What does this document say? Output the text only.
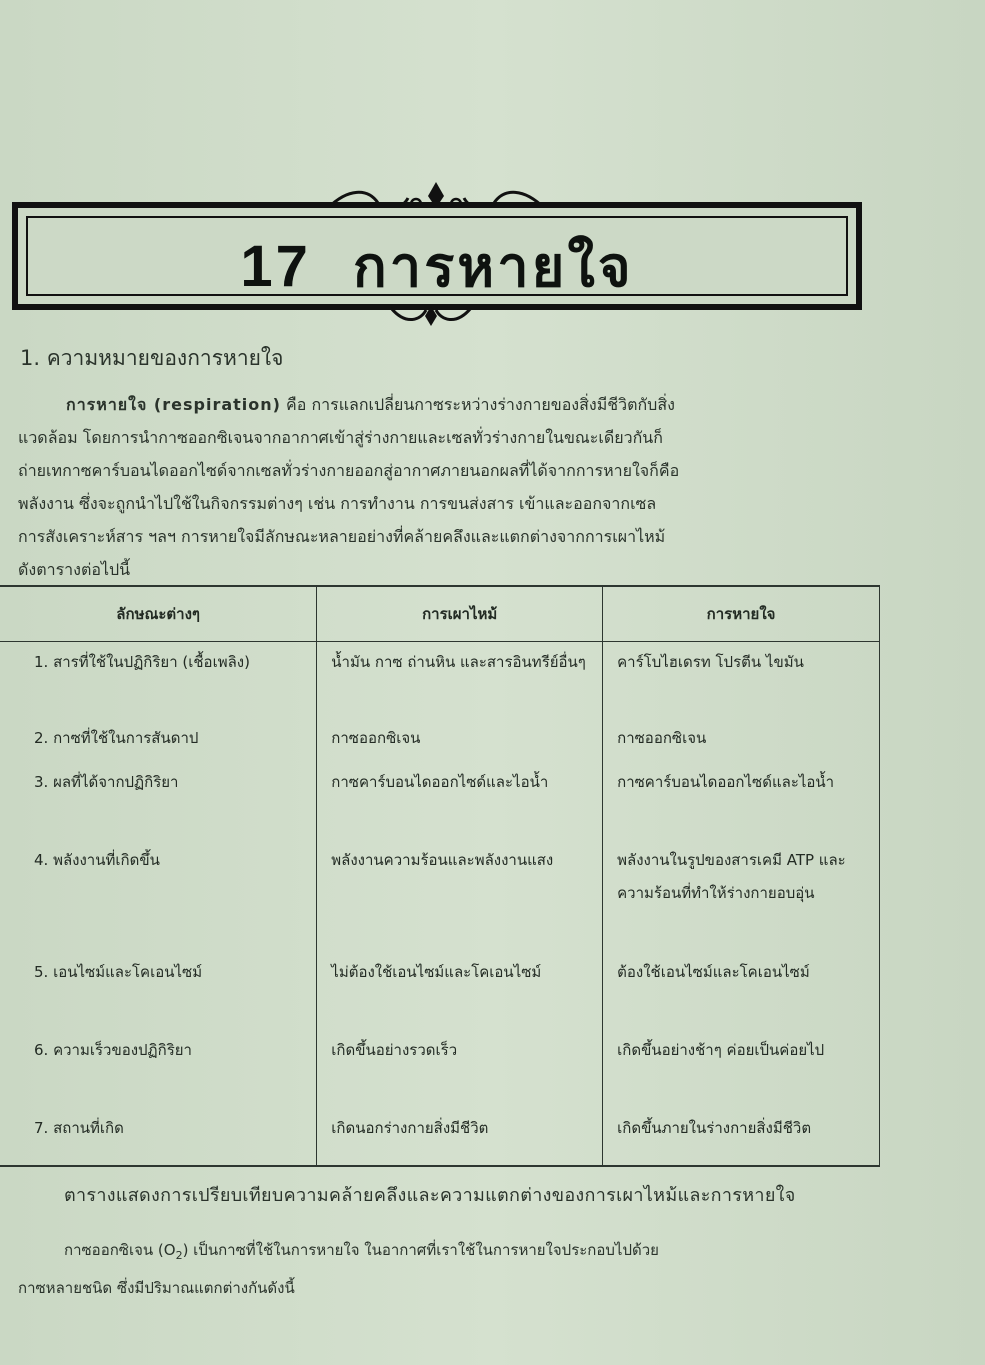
17 การหายใจ
1. ความหมายของการหายใจ
การหายใจ (respiration) คือ การแลกเปลี่ยนกาซระหว่างร่างกายของสิ่งมีชีวิตกับสิ่ง
แวดล้อม โดยการนำกาซออกซิเจนจากอากาศเข้าสู่ร่างกายและเซลทั่วร่างกายในขณะเดียวกันก็
ถ่ายเทกาซคาร์บอนไดออกไซด์จากเซลทั่วร่างกายออกสู่อากาศภายนอกผลที่ได้จากการหายใจก็คือ
พลังงาน ซึ่งจะถูกนำไปใช้ในกิจกรรมต่างๆ เช่น การทำงาน การขนส่งสาร เข้าและออกจากเซล
การสังเคราะห์สาร ฯลฯ การหายใจมีลักษณะหลายอย่างที่คล้ายคลึงและแตกต่างจากการเผาไหม้
ดังตารางต่อไปนี้
ลักษณะต่างๆ	การเผาไหม้	การหายใจ
1. สารที่ใช้ในปฏิกิริยา (เชื้อเพลิง)	น้ำมัน กาซ ถ่านหิน และสารอินทรีย์อื่นๆ	คาร์โบไฮเดรท โปรตีน ไขมัน
2. กาซที่ใช้ในการสันดาป	กาซออกซิเจน	กาซออกซิเจน
3. ผลที่ได้จากปฏิกิริยา	กาซคาร์บอนไดออกไซด์และไอน้ำ	กาซคาร์บอนไดออกไซด์และไอน้ำ
4. พลังงานที่เกิดขึ้น	พลังงานความร้อนและพลังงานแสง	พลังงานในรูปของสารเคมี ATP และความร้อนที่ทำให้ร่างกายอบอุ่น
5. เอนไซม์และโคเอนไซม์	ไม่ต้องใช้เอนไซม์และโคเอนไซม์	ต้องใช้เอนไซม์และโคเอนไซม์
6. ความเร็วของปฏิกิริยา	เกิดขึ้นอย่างรวดเร็ว	เกิดขึ้นอย่างช้าๆ ค่อยเป็นค่อยไป
7. สถานที่เกิด	เกิดนอกร่างกายสิ่งมีชีวิต	เกิดขึ้นภายในร่างกายสิ่งมีชีวิต
ตารางแสดงการเปรียบเทียบความคล้ายคลึงและความแตกต่างของการเผาไหม้และการหายใจ
กาซออกซิเจน $(O_2)$ เป็นกาซที่ใช้ในการหายใจ ในอากาศที่เราใช้ในการหายใจประกอบไปด้วย
กาซหลายชนิด ซึ่งมีปริมาณแตกต่างกันดังนี้
